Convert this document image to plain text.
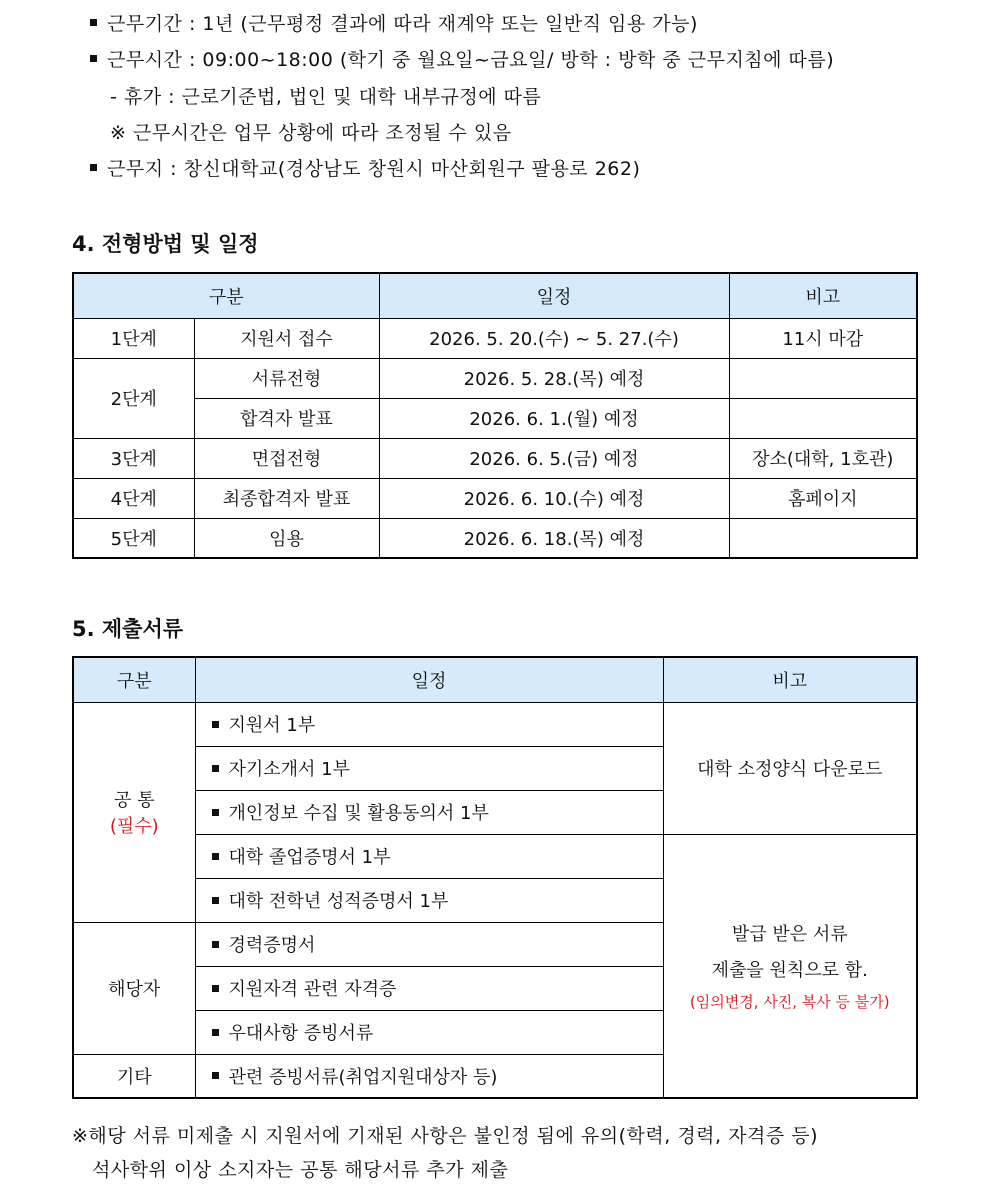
근무기간 : 1년 (근무평정 결과에 따라 재계약 또는 일반직 임용 가능)
근무시간 : 09:00~18:00 (학기 중 월요일~금요일/ 방학 : 방학 중 근무지침에 따름)
- 휴가 : 근로기준법, 법인 및 대학 내부규정에 따름
※ 근무시간은 업무 상황에 따라 조정될 수 있음
근무지 : 창신대학교(경상남도 창원시 마산회원구 팔용로 262)
4. 전형방법 및 일정
구분		일정	비고
1단계	지원서 접수	2026. 5. 20.(수) ~ 5. 27.(수)	11시 마감
2단계	서류전형	2026. 5. 28.(목) 예정	
	합격자 발표	2026. 6. 1.(월) 예정	
3단계	면접전형	2026. 6. 5.(금) 예정	장소(대학, 1호관)
4단계	최종합격자 발표	2026. 6. 10.(수) 예정	홈페이지
5단계	임용	2026. 6. 18.(목) 예정	
5. 제출서류
구분	일정	비고

공 통
(필수)	지원서 1부	대학 소정양식 다운로드
	자기소개서 1부	
	개인정보 수집 및 활용동의서 1부	
	대학 졸업증명서 1부	발급 받은 서류
제출을 원칙으로 함.
(임의변경, 사진, 복사 등 불가)

	대학 전학년 성적증명서 1부	
해당자	경력증명서	
	지원자격 관련 자격증	
	우대사항 증빙서류	
기타	관련 증빙서류(취업지원대상자 등)	
※해당 서류 미제출 시 지원서에 기재된 사항은 불인정 됨에 유의(학력, 경력, 자격증 등)
석사학위 이상 소지자는 공통 해당서류 추가 제출
